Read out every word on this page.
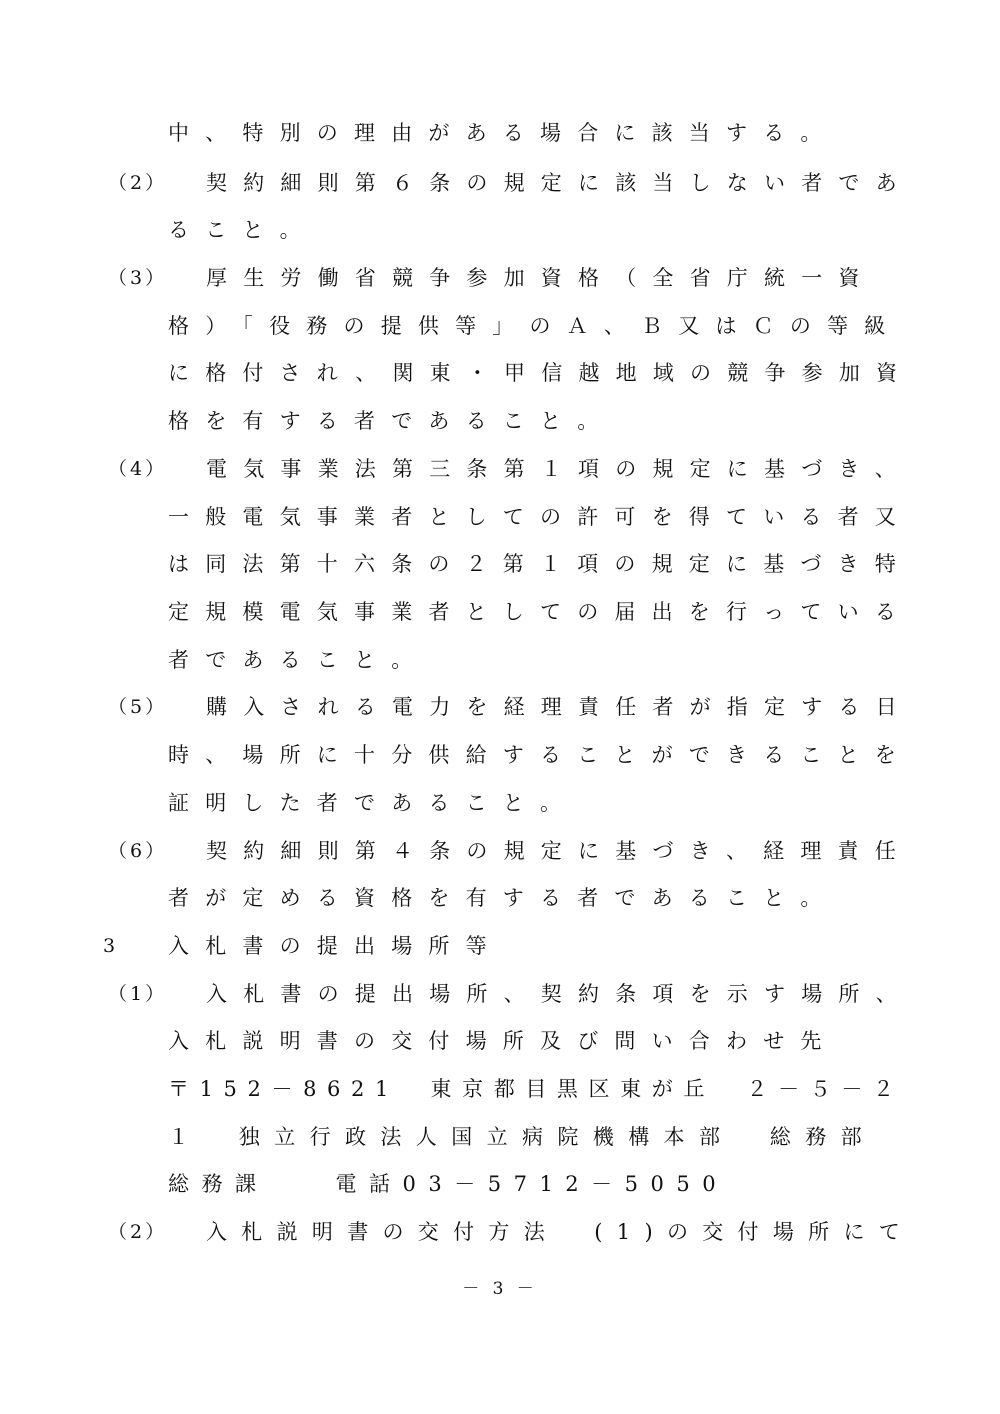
中、特別の理由がある場合に該当する。
（2） 契約細則第６条の規定に該当しない者であ
ること。
（3） 厚生労働省競争参加資格（全省庁統一資
格）「役務の提供等」のＡ、Ｂ又はＣの等級
に格付され、関東・甲信越地域の競争参加資
格を有する者であること。
（4） 電気事業法第三条第１項の規定に基づき、
一般電気事業者としての許可を得ている者又
は同法第十六条の２第１項の規定に基づき特
定規模電気事業者としての届出を行っている
者であること。
（5） 購入される電力を経理責任者が指定する日
時、場所に十分供給することができることを
証明した者であること。
（6） 契約細則第４条の規定に基づき、経理責任
者が定める資格を有する者であること。
3 入札書の提出場所等
（1） 入札書の提出場所、契約条項を示す場所、
入札説明書の交付場所及び問い合わせ先
〒152－8621　東京都目黒区東が丘　２－５－２
１　独立行政法人国立病院機構本部　総務部
総務課　　電話03－5712－5050
（2） 入札説明書の交付方法　(1)の交付場所にて
－ 3 －
